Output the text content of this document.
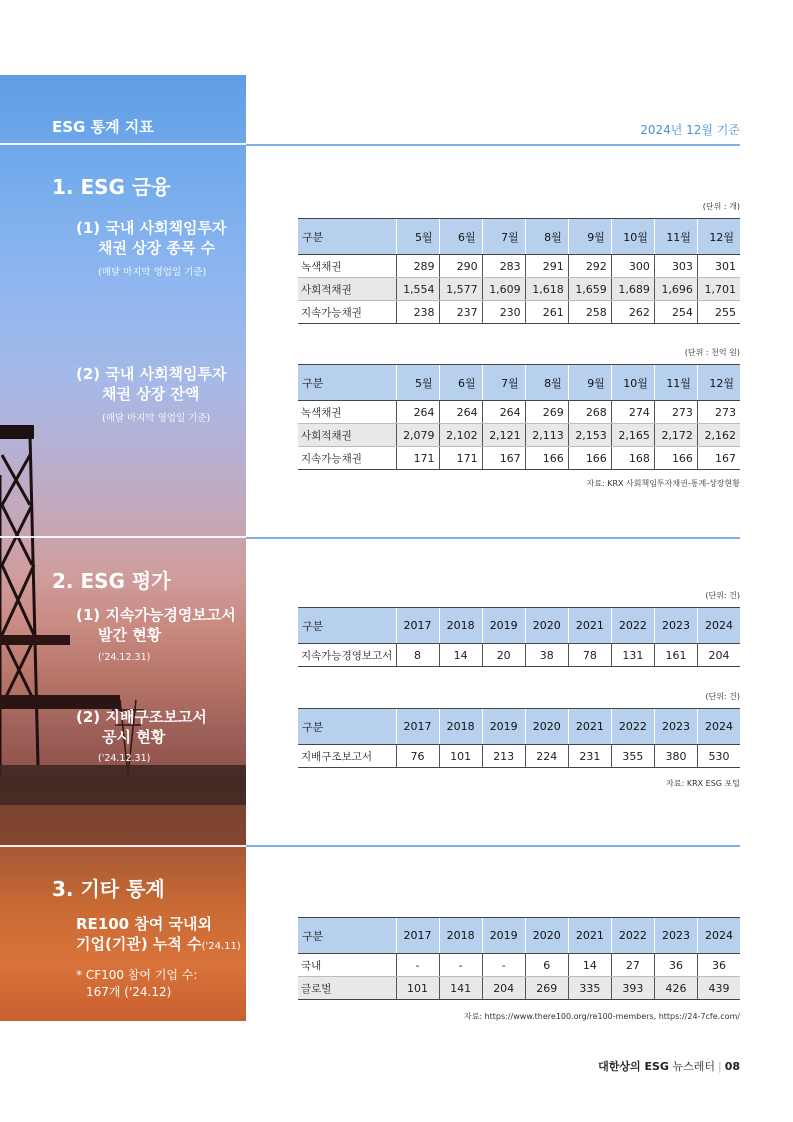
ESG 통계 지표	2024년 12월 기준
1. ESG 금융
(1) 국내 사회책임투자
채권 상장 종목 수
(매달 마지막 영업일 기준)
(2) 국내 사회책임투자
채권 상장 잔액
(매달 마지막 영업일 기준)
2. ESG 평가
(1) 지속가능경영보고서
발간 현황
('24.12.31)
(2) 지배구조보고서
공시 현황
('24.12.31)
3. 기타 통계
RE100 참여 국내외
기업(기관) 누적 수('24.11)
* CF100 참여 기업 수:
167개 ('24.12)
(단위 : 개)
구분	5월	6월	7월	8월	9월	10월	11월	12월
녹색채권	289	290	283	291	292	300	303	301
사회적채권	1,554	1,577	1,609	1,618	1,659	1,689	1,696	1,701
지속가능채권	238	237	230	261	258	262	254	255
(단위 : 천억 원)
구분	5월	6월	7월	8월	9월	10월	11월	12월
녹색채권	264	264	264	269	268	274	273	273
사회적채권	2,079	2,102	2,121	2,113	2,153	2,165	2,172	2,162
지속가능채권	171	171	167	166	166	168	166	167
자료: KRX 사회책임투자채권-통계-상장현황
(단위: 건)
구분	2017	2018	2019	2020	2021	2022	2023	2024
지속가능경영보고서	8	14	20	38	78	131	161	204
(단위: 건)
구분	2017	2018	2019	2020	2021	2022	2023	2024
지배구조보고서	76	101	213	224	231	355	380	530
자료: KRX ESG 포털
구분	2017	2018	2019	2020	2021	2022	2023	2024
국내	-	-	-	6	14	27	36	36
글로벌	101	141	204	269	335	393	426	439
자료: https://www.there100.org/re100-members, https://24-7cfe.com/
대한상의 ESG 뉴스레터 | 08
